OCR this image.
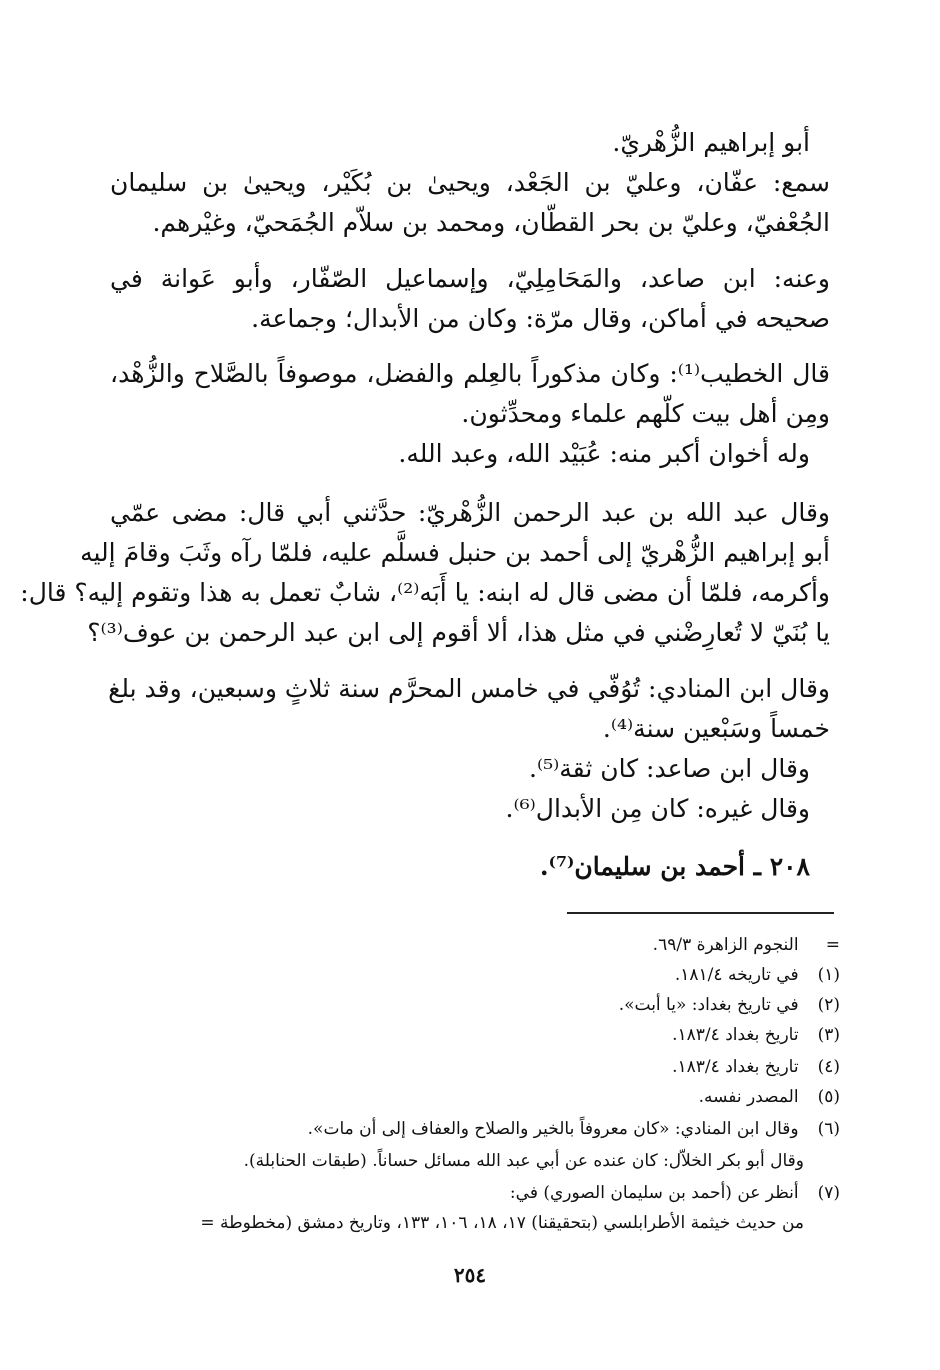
أبو إبراهيم الزُّهْريّ.
سمع: عفّان، وعليّ بن الجَعْد، ويحيىٰ بن بُكَيْر، ويحيىٰ بن سليمان
الجُعْفيّ، وعليّ بن بحر القطّان، ومحمد بن سلاّم الجُمَحيّ، وغيْرهم.
وعنه: ابن صاعد، والمَحَامِلِيّ، وإسماعيل الصّفّار، وأبو عَوانة في
صحيحه في أماكن، وقال مرّة: وكان من الأبدال؛ وجماعة.
قال الخطيب⁽¹⁾: وكان مذكوراً بالعِلم والفضل، موصوفاً بالصَّلاح والزُّهْد،
ومِن أهل بيت كلّهم علماء ومحدِّثون.
وله أخوان أكبر منه: عُبَيْد الله، وعبد الله.
وقال عبد الله بن عبد الرحمن الزُّهْريّ: حدَّثني أبي قال: مضى عمّي
أبو إبراهيم الزُّهْريّ إلى أحمد بن حنبل فسلَّم عليه، فلمّا رآه وثَبَ وقامَ إليه
وأكرمه، فلمّا أن مضى قال له ابنه: يا أَبَه⁽²⁾، شابٌ تعمل به هذا وتقوم إليه؟ قال:
يا بُنَيّ لا تُعارِضْني في مثل هذا، ألا أقوم إلى ابن عبد الرحمن بن عوف⁽³⁾؟
وقال ابن المنادي: تُوُفّي في خامس المحرَّم سنة ثلاثٍ وسبعين، وقد بلغ
خمساً وسَبْعين سنة⁽⁴⁾.
وقال ابن صاعد: كان ثقة⁽⁵⁾.
وقال غيره: كان مِن الأبدال⁽⁶⁾.
٢٠٨ ـ أحمد بن سليمان⁽⁷⁾.
= النجوم الزاهرة ٦٩/٣.
(١) في تاريخه ١٨١/٤.
(٢) في تاريخ بغداد: «يا أبت».
(٣) تاريخ بغداد ١٨٣/٤.
(٤) تاريخ بغداد ١٨٣/٤.
(٥) المصدر نفسه.
(٦) وقال ابن المنادي: «كان معروفاً بالخير والصلاح والعفاف إلى أن مات».
وقال أبو بكر الخلاّل: كان عنده عن أبي عبد الله مسائل حساناً. (طبقات الحنابلة).
(٧) أنظر عن (أحمد بن سليمان الصوري) في:
من حديث خيثمة الأطرابلسي (بتحقيقنا) ١٧، ١٨، ١٠٦، ١٣٣، وتاريخ دمشق (مخطوطة =
٢٥٤
